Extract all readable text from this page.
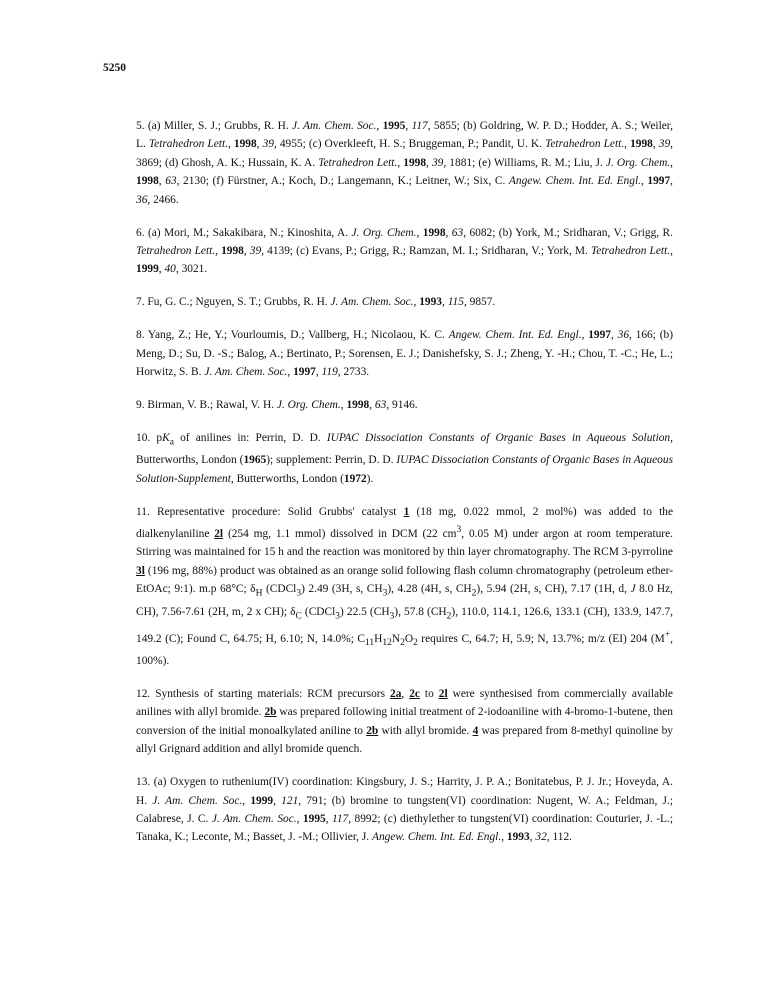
5250

5. (a) Miller, S. J.; Grubbs, R. H. J. Am. Chem. Soc., 1995, 117, 5855; (b) Goldring, W. P. D.; Hodder, A. S.; Weiler, L. Tetrahedron Lett., 1998, 39, 4955; (c) Overkleeft, H. S.; Bruggeman, P.; Pandit, U. K. Tetrahedron Lett., 1998, 39, 3869; (d) Ghosh, A. K.; Hussain, K. A. Tetrahedron Lett., 1998, 39, 1881; (e) Williams, R. M.; Liu, J. J. Org. Chem., 1998, 63, 2130; (f) Fürstner, A.; Koch, D.; Langemann, K.; Leitner, W.; Six, C. Angew. Chem. Int. Ed. Engl., 1997, 36, 2466.

6. (a) Mori, M.; Sakakibara, N.; Kinoshita, A. J. Org. Chem., 1998, 63, 6082; (b) York, M.; Sridharan, V.; Grigg, R. Tetrahedron Lett., 1998, 39, 4139; (c) Evans, P.; Grigg, R.; Ramzan, M. I.; Sridharan, V.; York, M. Tetrahedron Lett., 1999, 40, 3021.

7. Fu, G. C.; Nguyen, S. T.; Grubbs, R. H. J. Am. Chem. Soc., 1993, 115, 9857.

8. Yang, Z.; He, Y.; Vourloumis, D.; Vallberg, H.; Nicolaou, K. C. Angew. Chem. Int. Ed. Engl., 1997, 36, 166; (b) Meng, D.; Su, D. -S.; Balog, A.; Bertinato, P.; Sorensen, E. J.; Danishefsky, S. J.; Zheng, Y. -H.; Chou, T. -C.; He, L.; Horwitz, S. B. J. Am. Chem. Soc., 1997, 119, 2733.

9. Birman, V. B.; Rawal, V. H. J. Org. Chem., 1998, 63, 9146.

10. $pK_a$ of anilines in: Perrin, D. D. IUPAC Dissociation Constants of Organic Bases in Aqueous Solution, Butterworths, London (1965); supplement: Perrin, D. D. IUPAC Dissociation Constants of Organic Bases in Aqueous Solution-Supplement, Butterworths, London (1972).

11. Representative procedure: Solid Grubbs' catalyst 1 (18 mg, 0.022 mmol, 2 mol%) was added to the dialkenylaniline 2l (254 mg, 1.1 mmol) dissolved in DCM (22 $cm^3$, 0.05 M) under argon at room temperature. Stirring was maintained for 15 h and the reaction was monitored by thin layer chromatography. The RCM 3-pyrroline 3l (196 mg, 88%) product was obtained as an orange solid following flash column chromatography (petroleum ether-EtOAc; 9:1). m.p 68°C; $\delta_H$ (CDCl$_3$) 2.49 (3H, s, $CH_3$), 4.28 (4H, s, $CH_2$), 5.94 (2H, s, CH), 7.17 (1H, d, J 8.0 Hz, CH), 7.56-7.61 (2H, m, 2 x CH); $\delta_C$ (CDCl$_3$) 22.5 $(CH_3)$, 57.8 $(CH_2)$, 110.0, 114.1, 126.6, 133.1 (CH), 133.9, 147.7, 149.2 (C); Found C, 64.75; H, 6.10; N, 14.0%; $C_{11}H_{12}N_2O_2$ requires C, 64.7; H, 5.9; N, 13.7%; m/z (EI) 204 (M+, 100%).

12. Synthesis of starting materials: RCM precursors 2a, 2c to 2l were synthesised from commercially available anilines with allyl bromide. 2b was prepared following initial treatment of 2-iodoaniline with 4-bromo-1-butene, then conversion of the initial monoalkylated aniline to 2b with allyl bromide. 4 was prepared from 8-methyl quinoline by allyl Grignard addition and allyl bromide quench.

13. (a) Oxygen to ruthenium(IV) coordination: Kingsbury, J. S.; Harrity, J. P. A.; Bonitatebus, P. J. Jr.; Hoveyda, A. H. J. Am. Chem. Soc., 1999, 121, 791; (b) bromine to tungsten(VI) coordination: Nugent, W. A.; Feldman, J.; Calabrese, J. C. J. Am. Chem. Soc., 1995, 117, 8992; (c) diethylether to tungsten(VI) coordination: Couturier, J. -L.; Tanaka, K.; Leconte, M.; Basset, J. -M.; Ollivier, J. Angew. Chem. Int. Ed. Engl., 1993, 32, 112.
